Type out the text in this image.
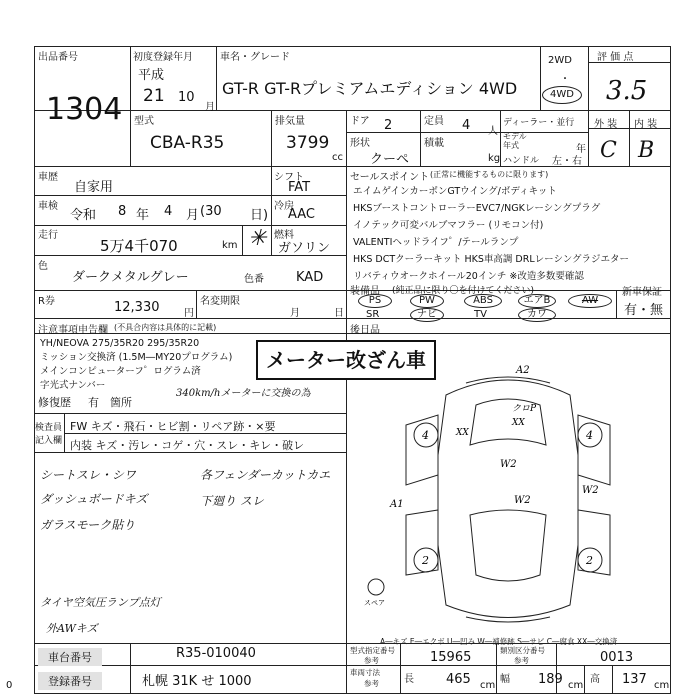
出品番号
1304
初度登録年月
平成
21 10
月
車名・グレード
GT-R GT-Rプレミアムエディション 4WD
2WD
・
4WD
評 価 点
3.5
外 装 内 装
C B
型式
CBA-R35
排気量
3799
cc
ドア 2	定員 4 人
ディーラー・並行
形状
クーペ
積載
kg
モデル年式	年
ハンドル 左・右
車歴
自家用
車検
令和 8 年 4 月 (30 日)
走行
5万4千070	km ✳
シフト
FAT
冷房
AAC
燃料
ガソリン
セールスポイント (正常に機能するものに限ります)
エイムゲインカーボンGTウイング/ボディキット
HKSブーストコントローラーEVC7/NGKレーシングプラグ
イノテック可変バルブマフラー (リモコン付)
VALENTIヘッドライフ゜/テールランプ
HKS DCTクーラーキット HKS車高調 DRLレーシングラジエター
リバティウオークホイール20インチ ※改造多数要確認
色
ダークメタルグレー	色番 KAD
R券	12,330 円
名変期限
月	日
装備品 (純正品に限り〇を付けてください)
PS	PW	ABS	エアB	AW
SR	ナビ	TV	カワ
新車保証
有・無
注意事項申告欄 (不具合内容は具体的に記載)
YH/NEOVA 275/35R20 295/35R20
ミッション交換済 (1.5M―MY20プログラム)
メインコンピューターフ゜ログラム済
字光式ナンバー
340km/hメーターに交換の為
修復歴 有 箇所
後日品
メーター改ざん車
検査員
記入欄
FW キズ・飛石・ヒビ割・リペア跡・×要
内装 キズ・汚レ・コゲ・穴・スレ・キレ・破レ
シートスレ・シワ
ダッシュボードキズ
ガラスモーク貼り
各フェンダーカットカエ
下廻り スレ
タイヤ空気圧ランプ点灯
外AWキズ
A2
クロP
XX
XX
W2
W2
W2
A1
4	4
2	2
スペア
A―キズ E―エクボ U―凹み W―補修跡 S―サビ C―腐食 XX―交換済
車台番号	R35-010040
登録番号	札幌 31K せ 1000
型式指定番号
参考	15965	類別区分番号
参考	0013
車両寸法
参考	長 465 cm
幅 189 cm
高 137 cm
0
